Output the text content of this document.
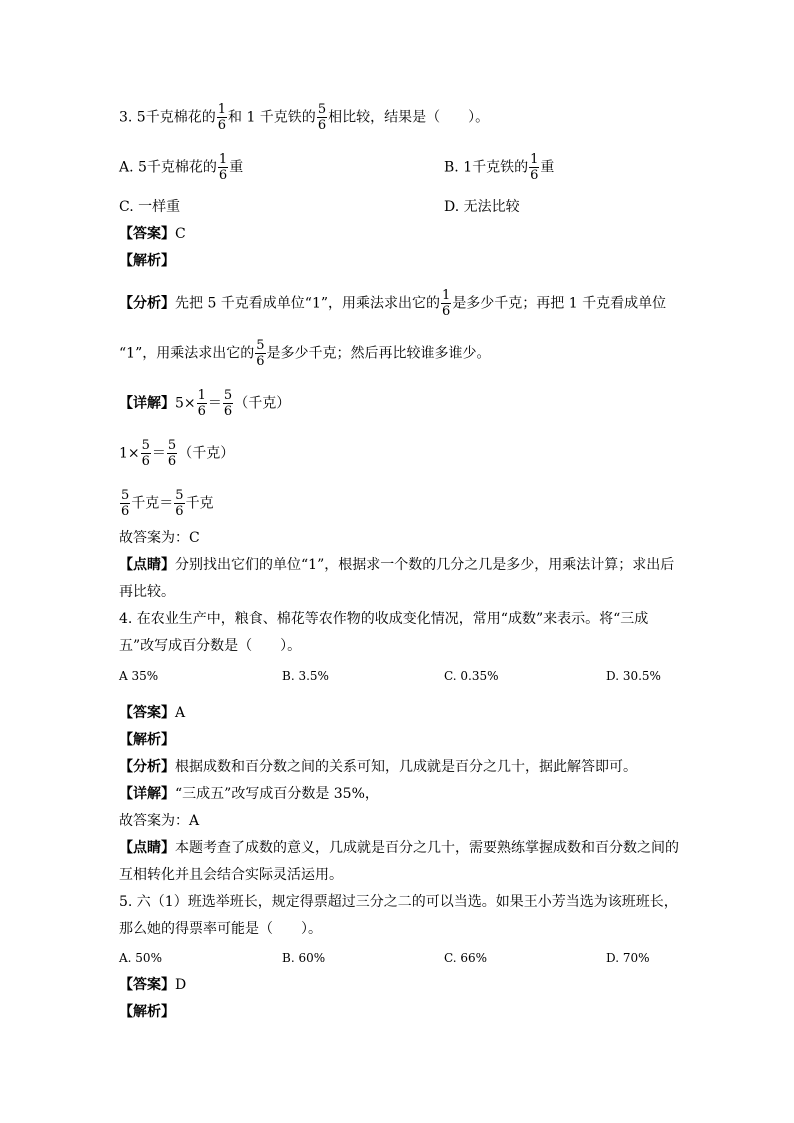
3. 5千克棉花的 $\frac{1}{6}$ 和 1 千克铁的 $\frac{5}{6}$ 相比较，结果是（　　）。
A. 5千克棉花的 $\frac{1}{6}$ 重	B. 1千克铁的 $\frac{1}{6}$ 重
C. 一样重	D. 无法比较
【答案】C
【解析】
【分析】先把 5 千克看成单位“1”，用乘法求出它的 $\frac{1}{6}$ 是多少千克；再把 1 千克看成单位
“1”，用乘法求出它的 $\frac{5}{6}$ 是多少千克；然后再比较谁多谁少。
【详解】$5\times \frac{1}{6} = \frac{5}{6}$ （千克）
$1\times \frac{5}{6} = \frac{5}{6}$ （千克）
$\frac{5}{6}$ 千克＝ $\frac{5}{6}$ 千克
故答案为：C
【点睛】分别找出它们的单位“1”，根据求一个数的几分之几是多少，用乘法计算；求出后
再比较。
4. 在农业生产中，粮食、棉花等农作物的收成变化情况，常用“成数”来表示。将“三成
五”改写成百分数是（　　）。
A 35%	B. 3.5%	C. 0.35%	D. 30.5%
【答案】A
【解析】
【分析】根据成数和百分数之间的关系可知，几成就是百分之几十，据此解答即可。
【详解】“三成五”改写成百分数是 35%，
故答案为：A
【点睛】本题考查了成数的意义，几成就是百分之几十，需要熟练掌握成数和百分数之间的
互相转化并且会结合实际灵活运用。
5. 六（1）班选举班长，规定得票超过三分之二的可以当选。如果王小芳当选为该班班长，
那么她的得票率可能是（　　）。
A. 50%	B. 60%	C. 66%	D. 70%
【答案】D
【解析】
